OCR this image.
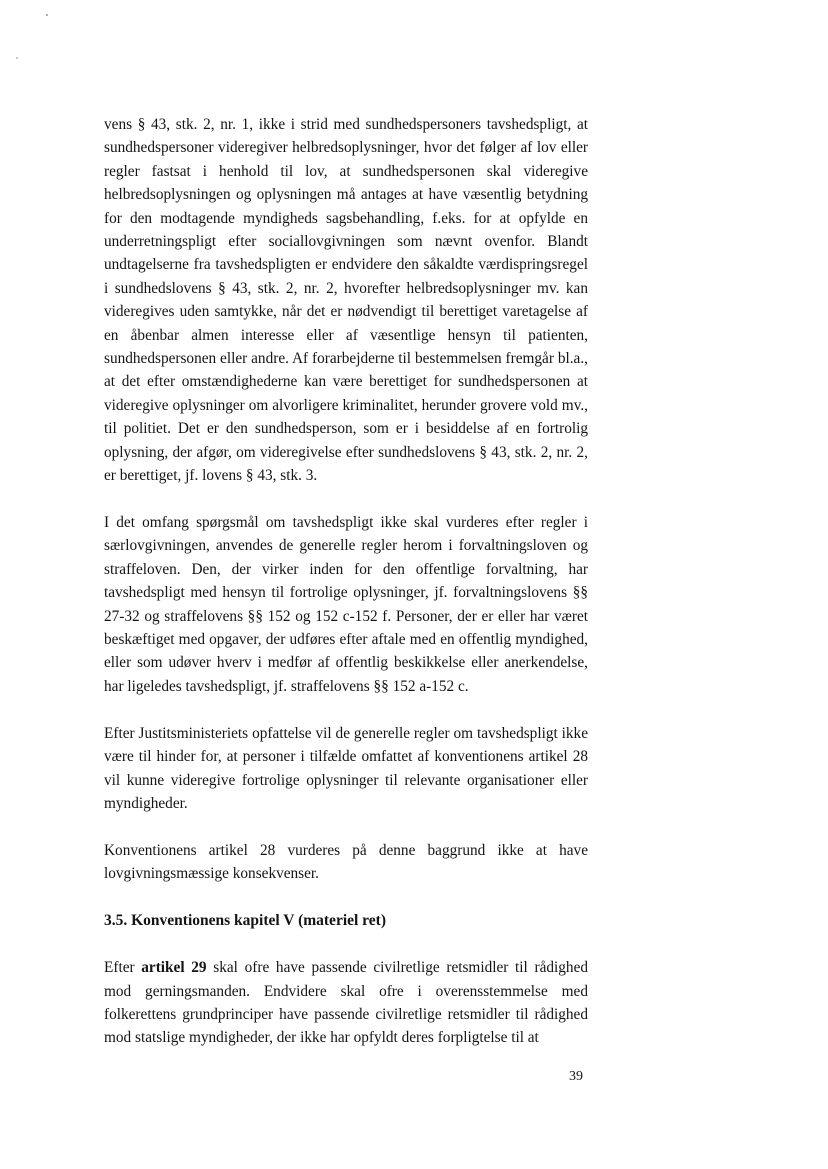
vens § 43, stk. 2, nr. 1, ikke i strid med sundhedspersoners tavshedspligt, at sundhedspersoner videregiver helbredsoplysninger, hvor det følger af lov eller regler fastsat i henhold til lov, at sundhedspersonen skal videregive helbredsoplysningen og oplysningen må antages at have væsentlig betydning for den modtagende myndigheds sagsbehandling, f.eks. for at opfylde en underretningspligt efter sociallovgivningen som nævnt ovenfor. Blandt undtagelserne fra tavshedspligten er endvidere den såkaldte værdispringsregel i sundhedslovens § 43, stk. 2, nr. 2, hvorefter helbredsoplysninger mv. kan videregives uden samtykke, når det er nødvendigt til berettiget varetagelse af en åbenbar almen interesse eller af væsentlige hensyn til patienten, sundhedspersonen eller andre. Af forarbejderne til bestemmelsen fremgår bl.a., at det efter omstændighederne kan være berettiget for sundhedspersonen at videregive oplysninger om alvorligere kriminalitet, herunder grovere vold mv., til politiet. Det er den sundhedsperson, som er i besiddelse af en fortrolig oplysning, der afgør, om videregivelse efter sundhedslovens § 43, stk. 2, nr. 2, er berettiget, jf. lovens § 43, stk. 3.

I det omfang spørgsmål om tavshedspligt ikke skal vurderes efter regler i særlovgivningen, anvendes de generelle regler herom i forvaltningsloven og straffeloven. Den, der virker inden for den offentlige forvaltning, har tavshedspligt med hensyn til fortrolige oplysninger, jf. forvaltningslovens §§ 27-32 og straffelovens §§ 152 og 152 c-152 f. Personer, der er eller har været beskæftiget med opgaver, der udføres efter aftale med en offentlig myndighed, eller som udøver hverv i medfør af offentlig beskikkelse eller anerkendelse, har ligeledes tavshedspligt, jf. straffelovens §§ 152 a-152 c.

Efter Justitsministeriets opfattelse vil de generelle regler om tavshedspligt ikke være til hinder for, at personer i tilfælde omfattet af konventionens artikel 28 vil kunne videregive fortrolige oplysninger til relevante organisationer eller myndigheder.

Konventionens artikel 28 vurderes på denne baggrund ikke at have lovgivningsmæssige konsekvenser.

3.5. Konventionens kapitel V (materiel ret)

Efter artikel 29 skal ofre have passende civilretlige retsmidler til rådighed mod gerningsmanden. Endvidere skal ofre i overensstemmelse med folkerettens grundprinciper have passende civilretlige retsmidler til rådighed mod statslige myndigheder, der ikke har opfyldt deres forpligtelse til at

39
